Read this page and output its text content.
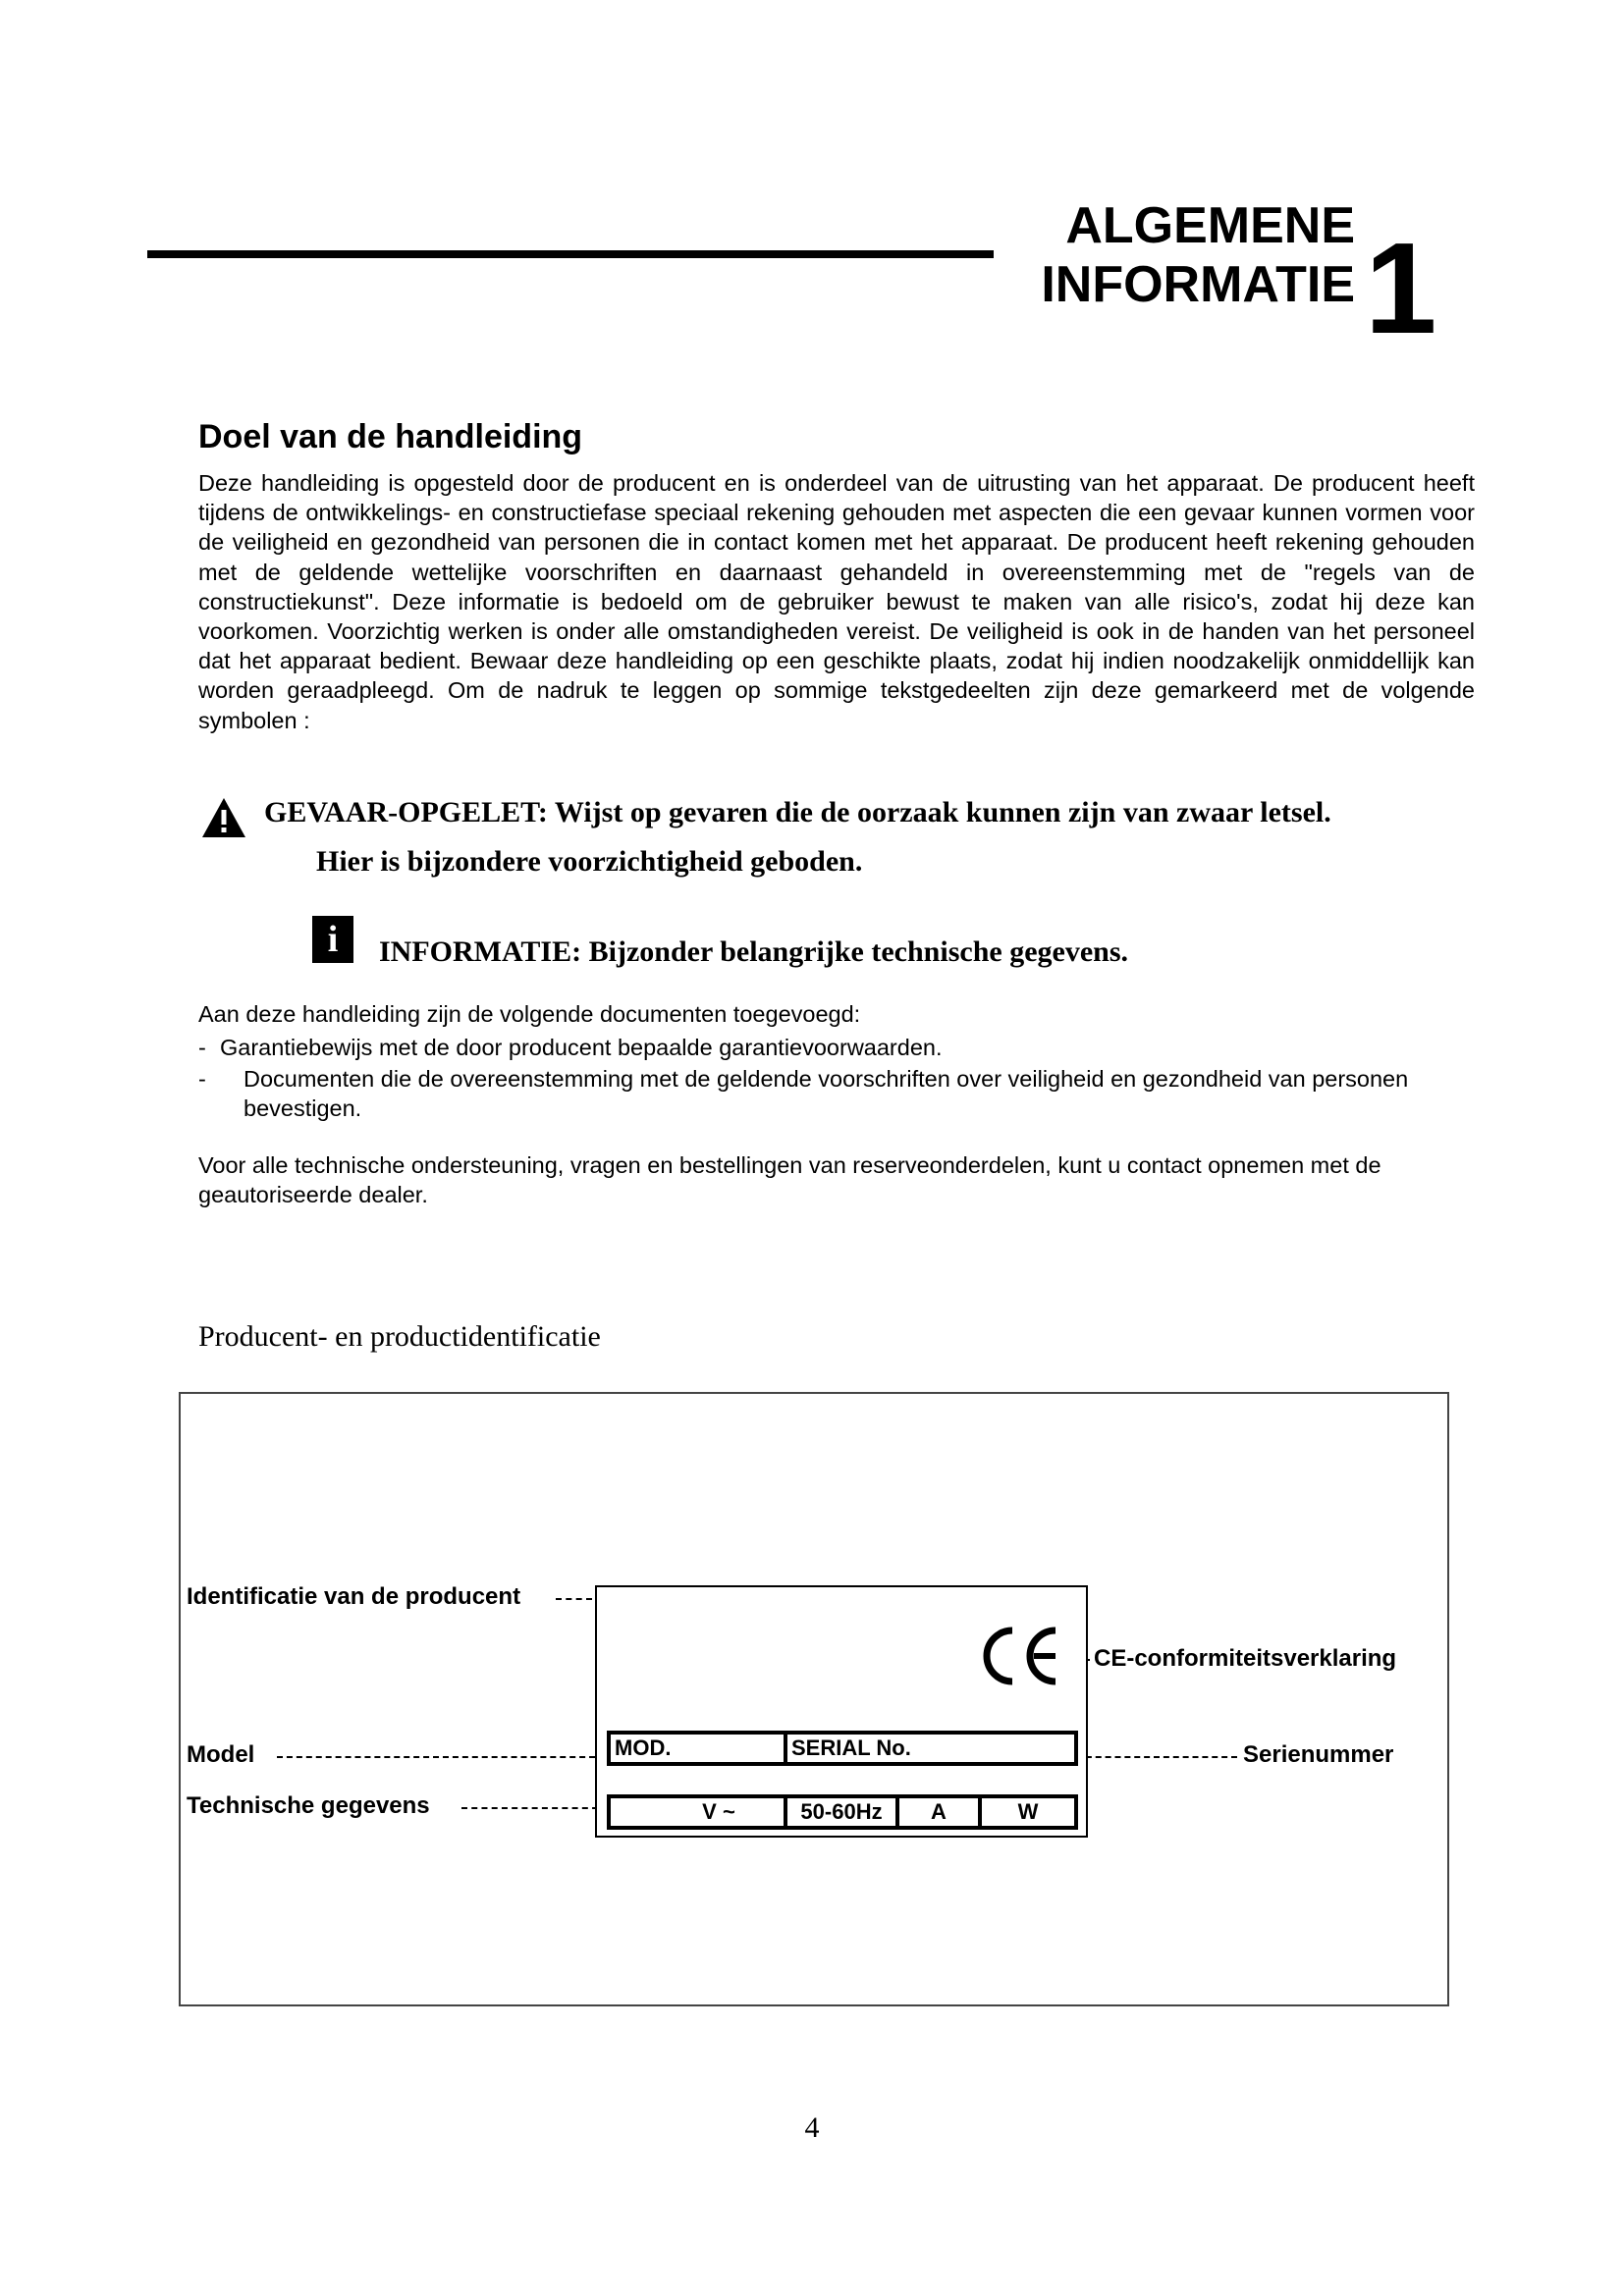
ALGEMENE
INFORMATIE 1
Doel van de handleiding
Deze handleiding is opgesteld door de producent en is onderdeel van de uitrusting van het apparaat. De producent heeft tijdens de ontwikkelings- en constructiefase speciaal rekening gehouden met aspecten die een gevaar kunnen vormen voor de veiligheid en gezondheid van personen die in contact komen met het apparaat. De producent heeft rekening gehouden met de geldende wettelijke voorschriften en daarnaast gehandeld in overeenstemming met de "regels van de constructiekunst". Deze informatie is bedoeld om de gebruiker bewust te maken van alle risico's, zodat hij deze kan voorkomen. Voorzichtig werken is onder alle omstandigheden vereist. De veiligheid is ook in de handen van het personeel dat het apparaat bedient. Bewaar deze handleiding op een geschikte plaats, zodat hij indien noodzakelijk onmiddellijk kan worden geraadpleegd. Om de nadruk te leggen op sommige tekstgedeelten zijn deze gemarkeerd met de volgende symbolen :
GEVAAR-OPGELET: Wijst op gevaren die de oorzaak kunnen zijn van zwaar letsel.
Hier is bijzondere voorzichtigheid geboden.
i	INFORMATIE: Bijzonder belangrijke technische gegevens.
Aan deze handleiding zijn de volgende documenten toegevoegd:
- Garantiebewijs met de door producent bepaalde garantievoorwaarden.
- Documenten die de overeenstemming met de geldende voorschriften over veiligheid en gezondheid van personen bevestigen.
Voor alle technische ondersteuning, vragen en bestellingen van reserveonderdelen, kunt u contact opnemen met de geautoriseerde dealer.
Producent- en productidentificatie
Identificatie van de producent
Model
Technische gegevens
CE-conformiteitsverklaring
Serienummer
MOD.	SERIAL No.
V ~	50-60Hz	A	W
4
